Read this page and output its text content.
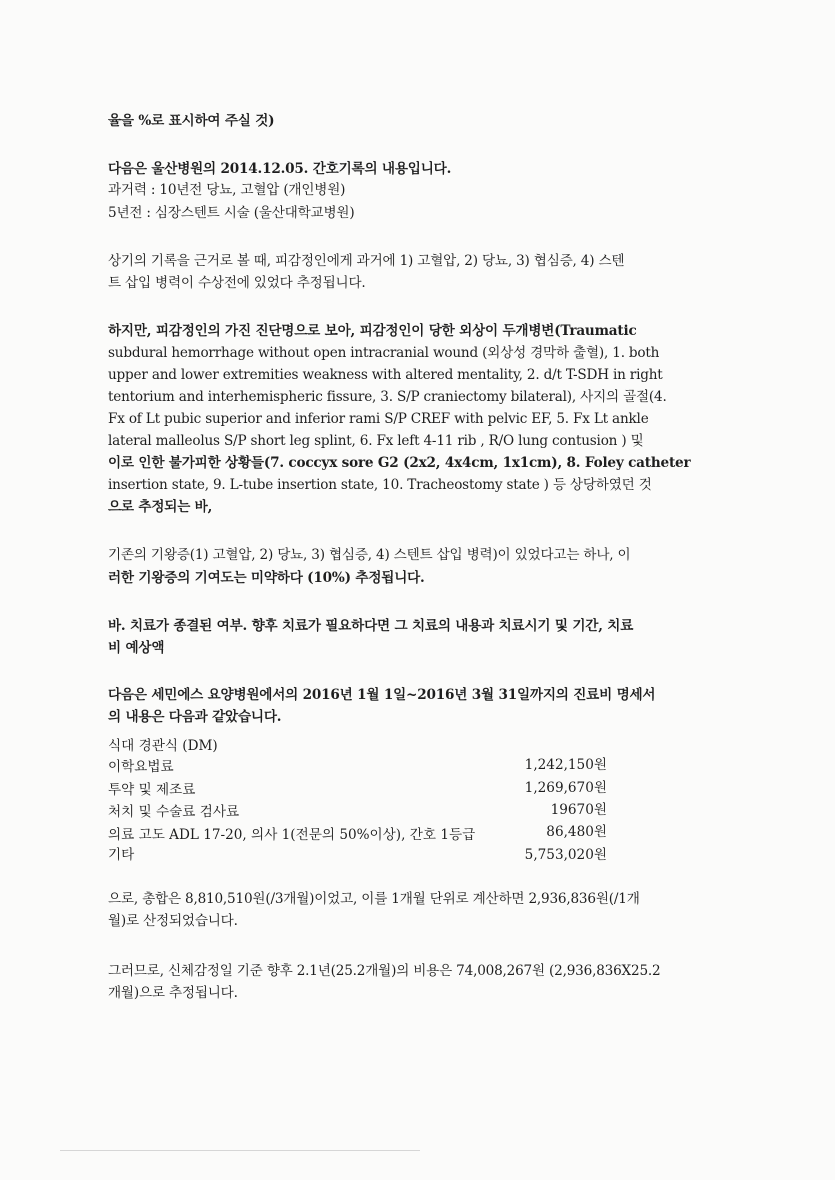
율을 %로 표시하여 주실 것)
다음은 울산병원의 2014.12.05. 간호기록의 내용입니다.
과거력 : 10년전 당뇨, 고혈압 (개인병원)
5년전 : 심장스텐트 시술 (울산대학교병원)
상기의 기록을 근거로 볼 때, 피감정인에게 과거에 1) 고혈압, 2) 당뇨, 3) 협심증, 4) 스텐
트 삽입 병력이 수상전에 있었다 추정됩니다.
하지만, 피감정인의 가진 진단명으로 보아, 피감정인이 당한 외상이 두개병변(Traumatic
subdural hemorrhage without open intracranial wound (외상성 경막하 출혈), 1. both
upper and lower extremities weakness with altered mentality, 2. d/t T-SDH in right
tentorium and interhemispheric fissure, 3. S/P craniectomy bilateral), 사지의 골절(4.
Fx of Lt pubic superior and inferior rami S/P CREF with pelvic EF, 5. Fx Lt ankle
lateral malleolus S/P short leg splint, 6. Fx left 4-11 rib , R/O lung contusion ) 및
이로 인한 불가피한 상황들(7. coccyx sore G2 (2x2, 4x4cm, 1x1cm), 8. Foley catheter
insertion state, 9. L-tube insertion state, 10. Tracheostomy state ) 등 상당하였던 것
으로 추정되는 바,
기존의 기왕증(1) 고혈압, 2) 당뇨, 3) 협심증, 4) 스텐트 삽입 병력)이 있었다고는 하나, 이
러한 기왕증의 기여도는 미약하다 (10%) 추정됩니다.
바. 치료가 종결된 여부. 향후 치료가 필요하다면 그 치료의 내용과 치료시기 및 기간, 치료
비 예상액
다음은 세민에스 요양병원에서의 2016년 1월 1일~2016년 3월 31일까지의 진료비 명세서
의 내용은 다음과 같았습니다.
식대 경관식 (DM)
이학요법료	1,242,150원
투약 및 제조료	1,269,670원
처치 및 수술료 검사료	19670원
의료 고도 ADL 17-20, 의사 1(전문의 50%이상), 간호 1등급	86,480원
기타	5,753,020원
으로, 총합은 8,810,510원(/3개월)이었고, 이를 1개월 단위로 계산하면 2,936,836원(/1개
월)로 산정되었습니다.
그러므로, 신체감정일 기준 향후 2.1년(25.2개월)의 비용은 74,008,267원 (2,936,836X25.2
개월)으로 추정됩니다.
